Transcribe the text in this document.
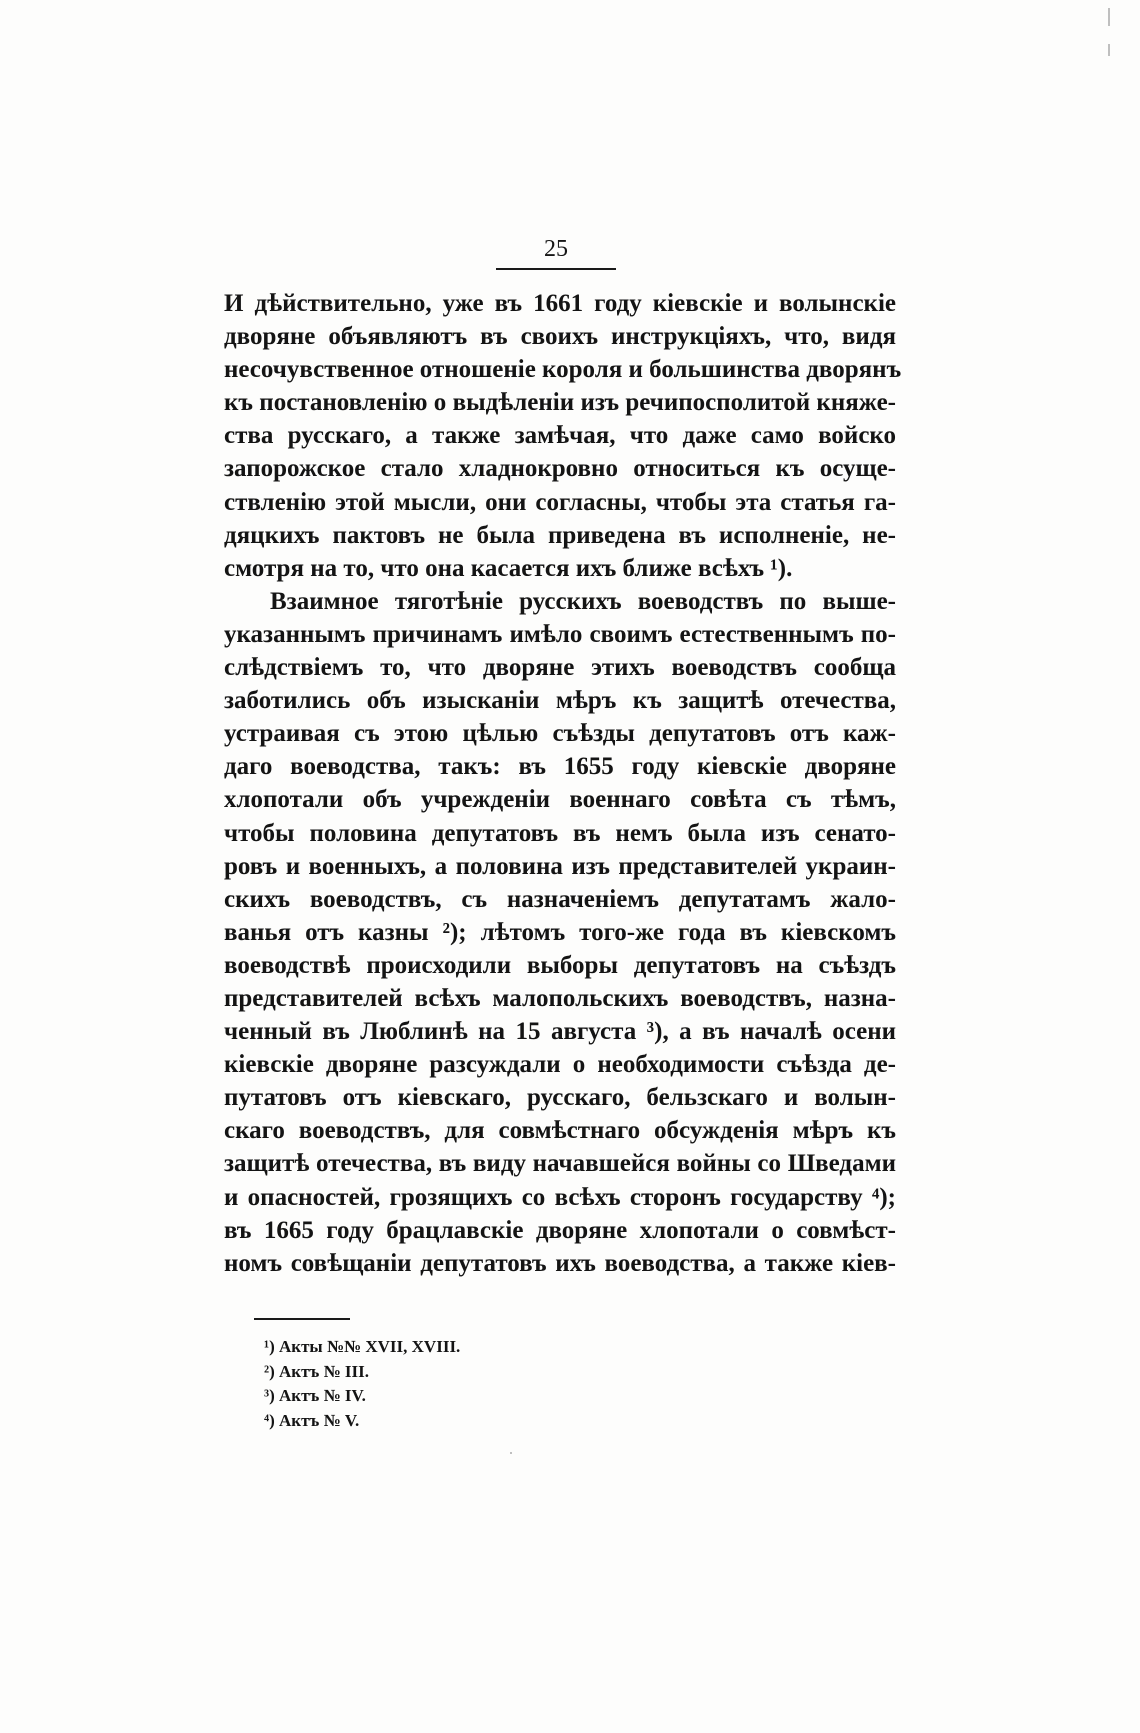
25
И дѣйствительно, уже въ 1661 году кіевскіе и волынскіе
дворяне объявляютъ въ своихъ инструкціяхъ, что, видя
несочувственное отношеніе короля и большинства дворянъ
къ постановленію о выдѣленіи изъ речипосполитой княже-
ства русскаго, а также замѣчая, что даже само войско
запорожское стало хладнокровно относиться къ осуще-
ствленію этой мысли, они согласны, чтобы эта статья га-
дяцкихъ пактовъ не была приведена въ исполненіе, не-
смотря на то, что она касается ихъ ближе всѣхъ ¹).
Взаимное тяготѣніе русскихъ воеводствъ по выше-
указаннымъ причинамъ имѣло своимъ естественнымъ по-
слѣдствіемъ то, что дворяне этихъ воеводствъ сообща
заботились объ изысканіи мѣръ къ защитѣ отечества,
устраивая съ этою цѣлью съѣзды депутатовъ отъ каж-
даго воеводства, такъ: въ 1655 году кіевскіе дворяне
хлопотали объ учрежденіи военнаго совѣта съ тѣмъ,
чтобы половина депутатовъ въ немъ была изъ сенато-
ровъ и военныхъ, а половина изъ представителей украин-
скихъ воеводствъ, съ назначеніемъ депутатамъ жало-
ванья отъ казны ²); лѣтомъ того-же года въ кіевскомъ
воеводствѣ происходили выборы депутатовъ на съѣздъ
представителей всѣхъ малопольскихъ воеводствъ, назна-
ченный въ Люблинѣ на 15 августа ³), а въ началѣ осени
кіевскіе дворяне разсуждали о необходимости съѣзда де-
путатовъ отъ кіевскаго, русскаго, бельзскаго и волын-
скаго воеводствъ, для совмѣстнаго обсужденія мѣръ къ
защитѣ отечества, въ виду начавшейся войны со Шведами
и опасностей, грозящихъ со всѣхъ сторонъ государству ⁴);
въ 1665 году брацлавскіе дворяне хлопотали о совмѣст-
номъ совѣщаніи депутатовъ ихъ воеводства, а также кіев-
¹) Акты №№ XVII, XVIII.
²) Актъ № III.
³) Актъ № IV.
⁴) Актъ № V.
